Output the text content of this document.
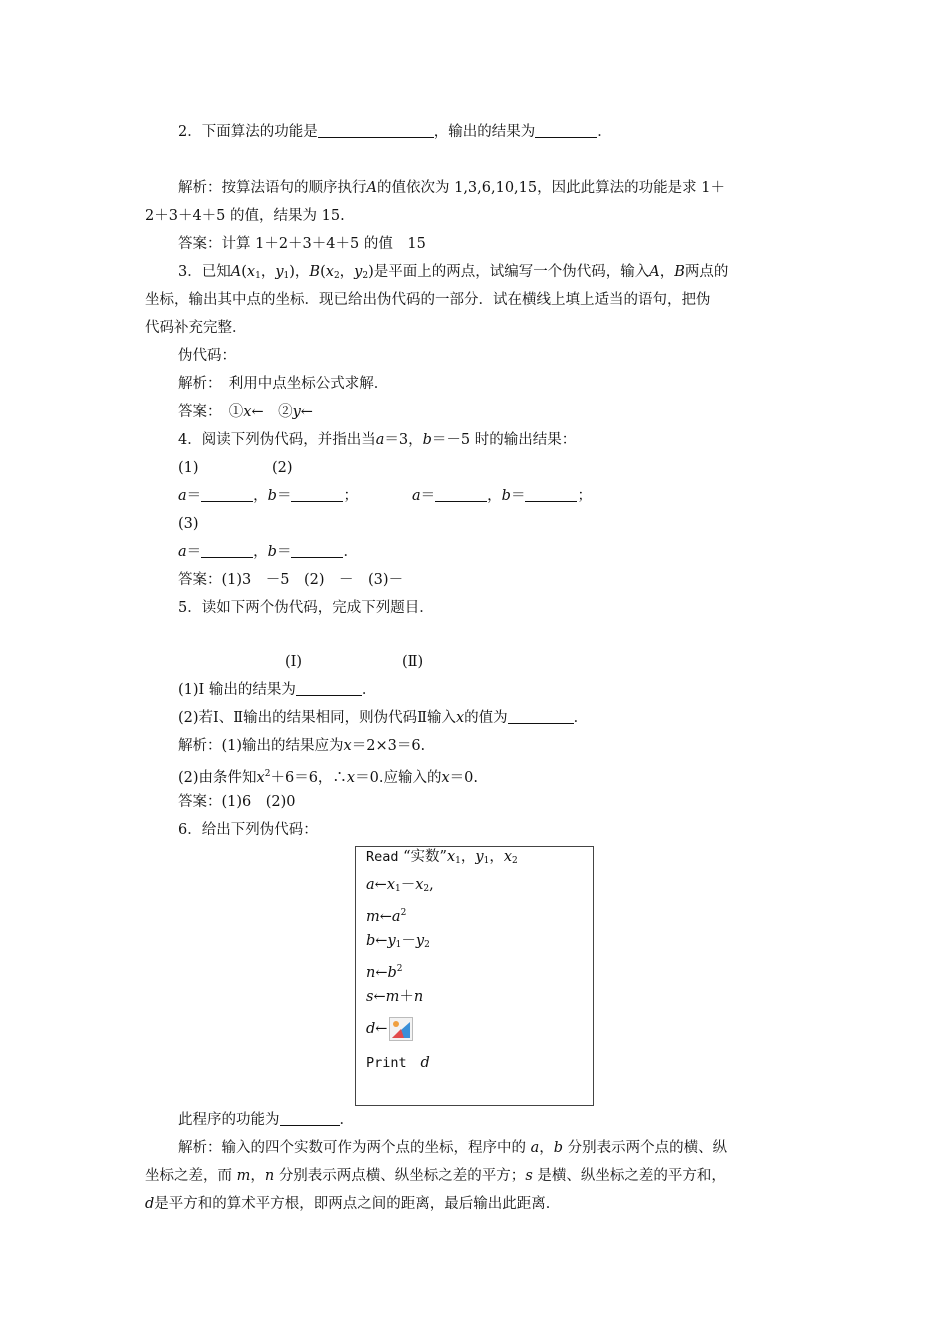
2．下面算法的功能是	，输出的结果为	．
解析：按算法语句的顺序执行A的值依次为 1,3,6,10,15，因此此算法的功能是求 1＋
2＋3＋4＋5 的值，结果为 15.
答案：计算 1＋2＋3＋4＋5 的值　15
3．已知$A(x_1$，$y_1$)，$B(x_2$，$y_2$)是平面上的两点，试编写一个伪代码，输入A，B两点的
坐标，输出其中点的坐标．现已给出伪代码的一部分．试在横线上填上适当的语句，把伪
代码补充完整．
伪代码：
解析：　利用中点坐标公式求解．
答案：　①x←　②y←
4．阅读下列伪代码，并指出当a＝3，b＝－5 时的输出结果：
(1)	(2)
a＝	，b＝	；	a＝	，b＝	；
(3)
a＝	，b＝	．
答案：(1)3　－5　(2)　－　(3)－
5．读如下两个伪代码，完成下列题目．
(Ⅰ)	(Ⅱ)
(1)Ⅰ 输出的结果为	．
(2)若Ⅰ、Ⅱ输出的结果相同，则伪代码Ⅱ输入x的值为	．
解析：(1)输出的结果应为x＝2×3＝6.
(2)由条件知$x^2+6=6$，∴x＝0.应输入的x＝0.
答案：(1)6　(2)0
6．给出下列伪代码：
Read “实数$”x_1$，$y_1$，$x_2$
$a\leftarrow x_1-x_2$,
$m\leftarrow a^2$
$b\leftarrow y_1-y_2$
$n\leftarrow b^2$
s←m＋n
d←
Print d
此程序的功能为	．
解析：输入的四个实数可作为两个点的坐标，程序中的 a，b 分别表示两个点的横、纵
坐标之差，而 m，n 分别表示两点横、纵坐标之差的平方；s 是横、纵坐标之差的平方和，
d是平方和的算术平方根，即两点之间的距离，最后输出此距离．
